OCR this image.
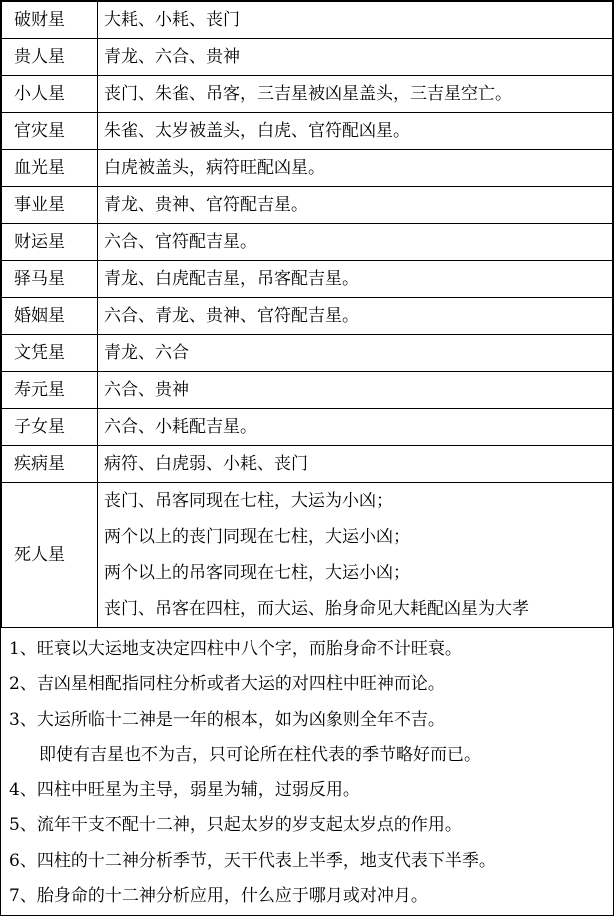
破财星	大耗、小耗、丧门
贵人星	青龙、六合、贵神
小人星	丧门、朱雀、吊客，三吉星被凶星盖头，三吉星空亡。
官灾星	朱雀、太岁被盖头，白虎、官符配凶星。
血光星	白虎被盖头，病符旺配凶星。
事业星	青龙、贵神、官符配吉星。
财运星	六合、官符配吉星。
驿马星	青龙、白虎配吉星，吊客配吉星。
婚姻星	六合、青龙、贵神、官符配吉星。
文凭星	青龙、六合
寿元星	六合、贵神
子女星	六合、小耗配吉星。
疾病星	病符、白虎弱、小耗、丧门
死人星	丧门、吊客同现在七柱，大运为小凶；
两个以上的丧门同现在七柱，大运小凶；
两个以上的吊客同现在七柱，大运小凶；
丧门、吊客在四柱，而大运、胎身命见大耗配凶星为大孝
1、旺衰以大运地支决定四柱中八个字，而胎身命不计旺衰。
2、吉凶星相配指同柱分析或者大运的对四柱中旺神而论。
3、大运所临十二神是一年的根本，如为凶象则全年不吉。
即使有吉星也不为吉，只可论所在柱代表的季节略好而已。
4、四柱中旺星为主导，弱星为辅，过弱反用。
5、流年干支不配十二神，只起太岁的岁支起太岁点的作用。
6、四柱的十二神分析季节，天干代表上半季，地支代表下半季。
7、胎身命的十二神分析应用，什么应于哪月或对冲月。
